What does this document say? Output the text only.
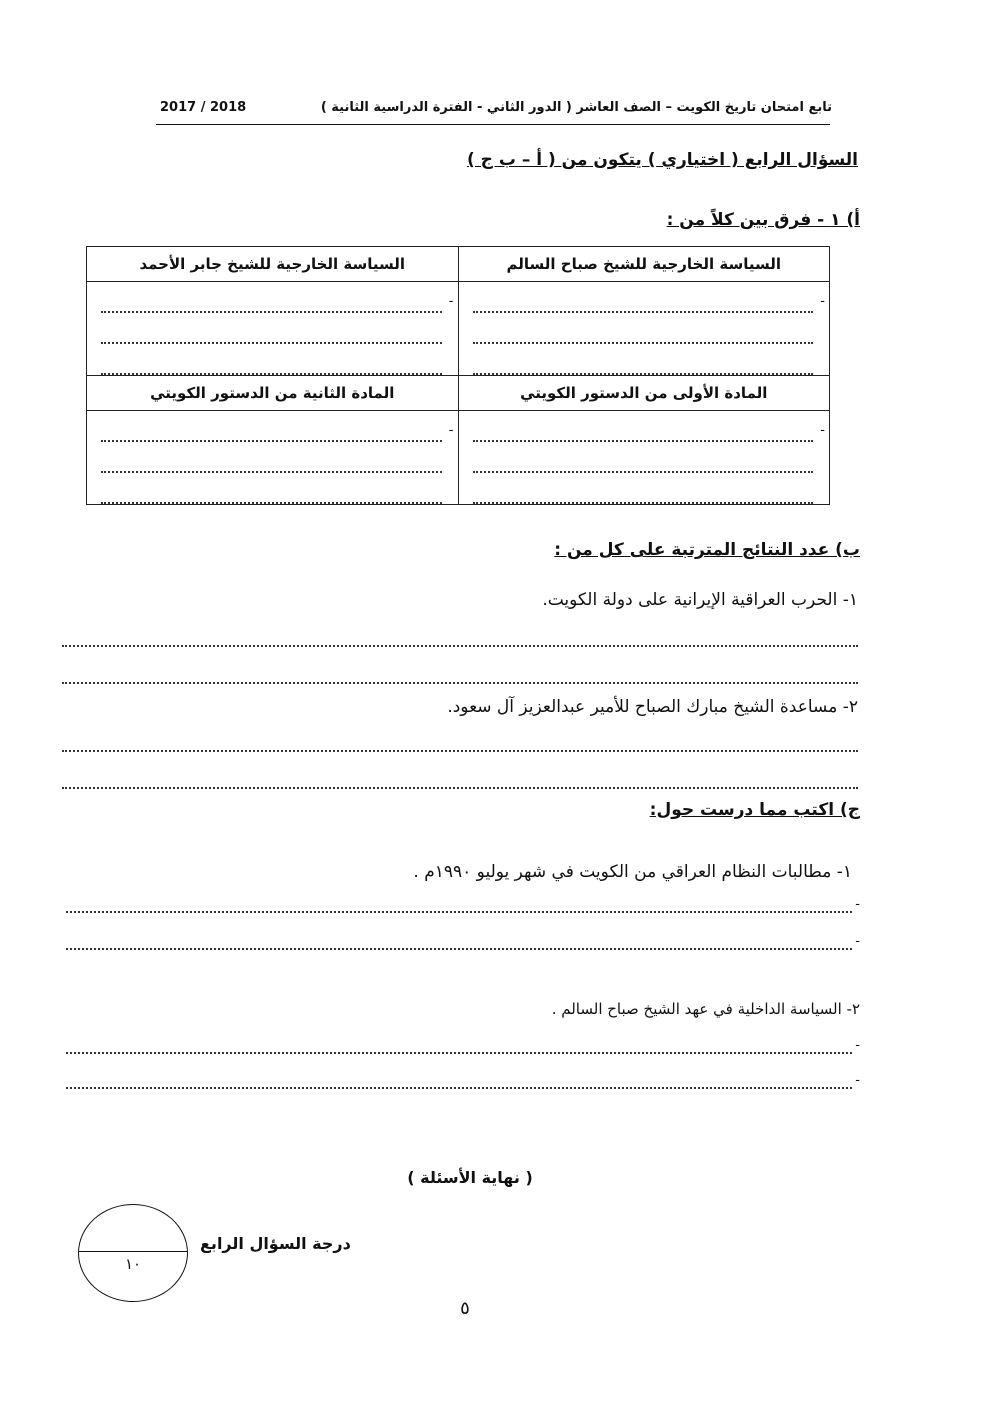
2017 / 2018	تابع امتحان تاريخ الكويت – الصف العاشر ( الدور الثاني - الفترة الدراسية الثانية )
السؤال الرابع ( اختياري ) يتكون من ( أ – ب ج )
أ) ١ - فرق بين كلاً من :
السياسة الخارجية للشيخ جابر الأحمد	السياسة الخارجية للشيخ صباح السالم

-	-

المادة الثانية من الدستور الكويتي	المادة الأولى من الدستور الكويتي

-	-
ب) عدد النتائج المترتبة على كل من :
١- الحرب العراقية الإيرانية على دولة الكويت.
٢- مساعدة الشيخ مبارك الصباح للأمير عبدالعزيز آل سعود.
ج) اكتب مما درست حول:
١- مطالبات النظام العراقي من الكويت في شهر يوليو ١٩٩٠م .
-
-
٢- السياسة الداخلية في عهد الشيخ صباح السالم .
-
-
( نهاية الأسئلة )
درجة السؤال الرابع
١٠
٥
